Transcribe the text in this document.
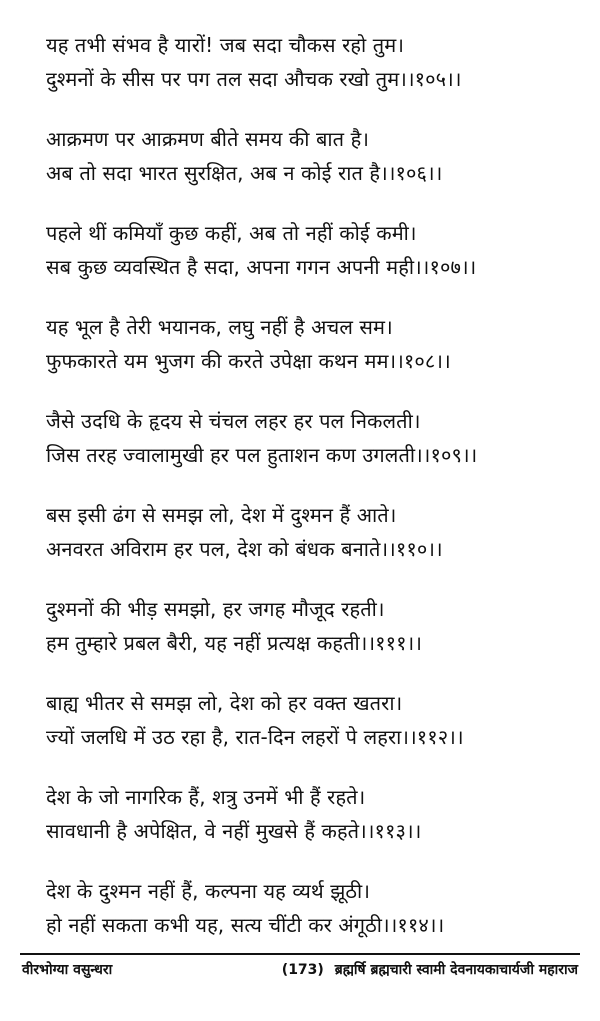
यह तभी संभव है यारों! जब सदा चौकस रहो तुम।
दुश्मनों के सीस पर पग तल सदा औचक रखो तुम।।१०५।।
आक्रमण पर आक्रमण बीते समय की बात है।
अब तो सदा भारत सुरक्षित, अब न कोई रात है।।१०६।।
पहले थीं कमियाँ कुछ कहीं, अब तो नहीं कोई कमी।
सब कुछ व्यवस्थित है सदा, अपना गगन अपनी मही।।१०७।।
यह भूल है तेरी भयानक, लघु नहीं है अचल सम।
फुफकारते यम भुजग की करते उपेक्षा कथन मम।।१०८।।
जैसे उदधि के हृदय से चंचल लहर हर पल निकलती।
जिस तरह ज्वालामुखी हर पल हुताशन कण उगलती।।१०९।।
बस इसी ढंग से समझ लो, देश में दुश्मन हैं आते।
अनवरत अविराम हर पल, देश को बंधक बनाते।।११०।।
दुश्मनों की भीड़ समझो, हर जगह मौजूद रहती।
हम तुम्हारे प्रबल बैरी, यह नहीं प्रत्यक्ष कहती।।१११।।
बाह्य भीतर से समझ लो, देश को हर वक्त खतरा।
ज्यों जलधि में उठ रहा है, रात-दिन लहरों पे लहरा।।११२।।
देश के जो नागरिक हैं, शत्रु उनमें भी हैं रहते।
सावधानी है अपेक्षित, वे नहीं मुखसे हैं कहते।।११३।।
देश के दुश्मन नहीं हैं, कल्पना यह व्यर्थ झूठी।
हो नहीं सकता कभी यह, सत्य चींटी कर अंगूठी।।११४।।
वीरभोग्या वसुन्धरा	(173) ब्रह्मर्षि ब्रह्मचारी स्वामी देवनायकाचार्यजी महाराज
